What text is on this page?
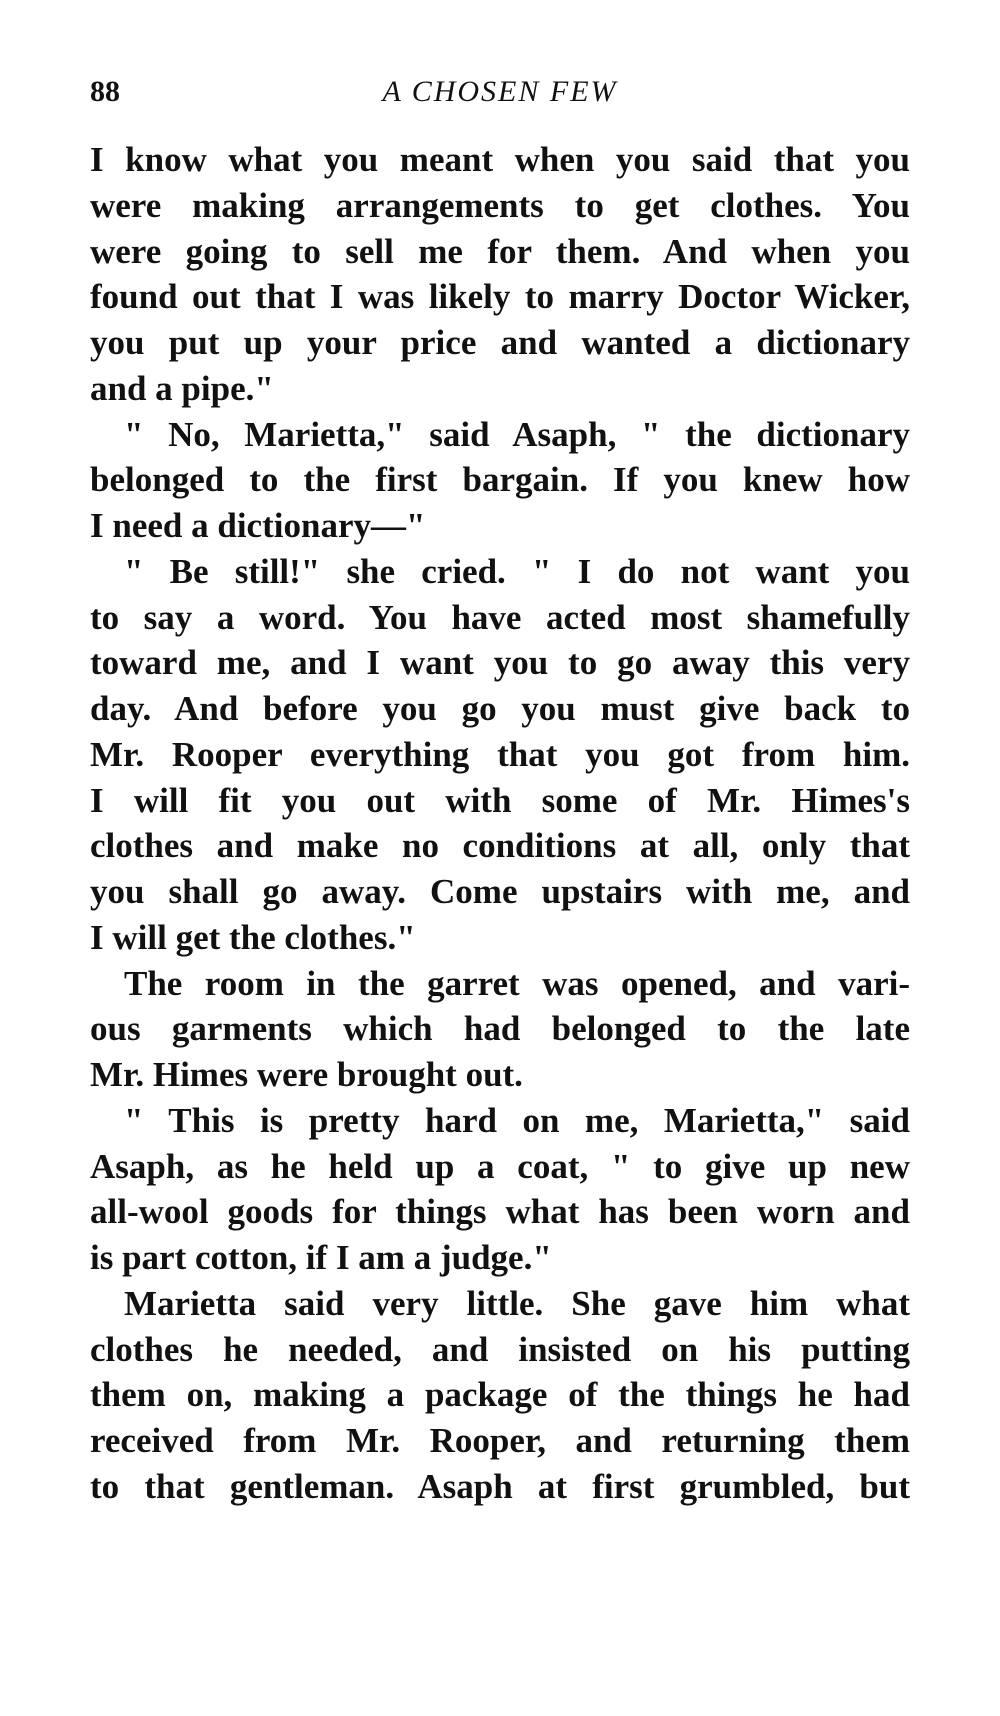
88	A CHOSEN FEW
I know what you meant when you said that you
were making arrangements to get clothes. You
were going to sell me for them. And when you
found out that I was likely to marry Doctor Wicker,
you put up your price and wanted a dictionary
and a pipe."
" No, Marietta," said Asaph, " the dictionary
belonged to the first bargain. If you knew how
I need a dictionary—"
" Be still!" she cried. " I do not want you
to say a word. You have acted most shamefully
toward me, and I want you to go away this very
day. And before you go you must give back to
Mr. Rooper everything that you got from him.
I will fit you out with some of Mr. Himes's
clothes and make no conditions at all, only that
you shall go away. Come upstairs with me, and
I will get the clothes."
The room in the garret was opened, and vari-
ous garments which had belonged to the late
Mr. Himes were brought out.
" This is pretty hard on me, Marietta," said
Asaph, as he held up a coat, " to give up new
all-wool goods for things what has been worn and
is part cotton, if I am a judge."
Marietta said very little. She gave him what
clothes he needed, and insisted on his putting
them on, making a package of the things he had
received from Mr. Rooper, and returning them
to that gentleman. Asaph at first grumbled, but
